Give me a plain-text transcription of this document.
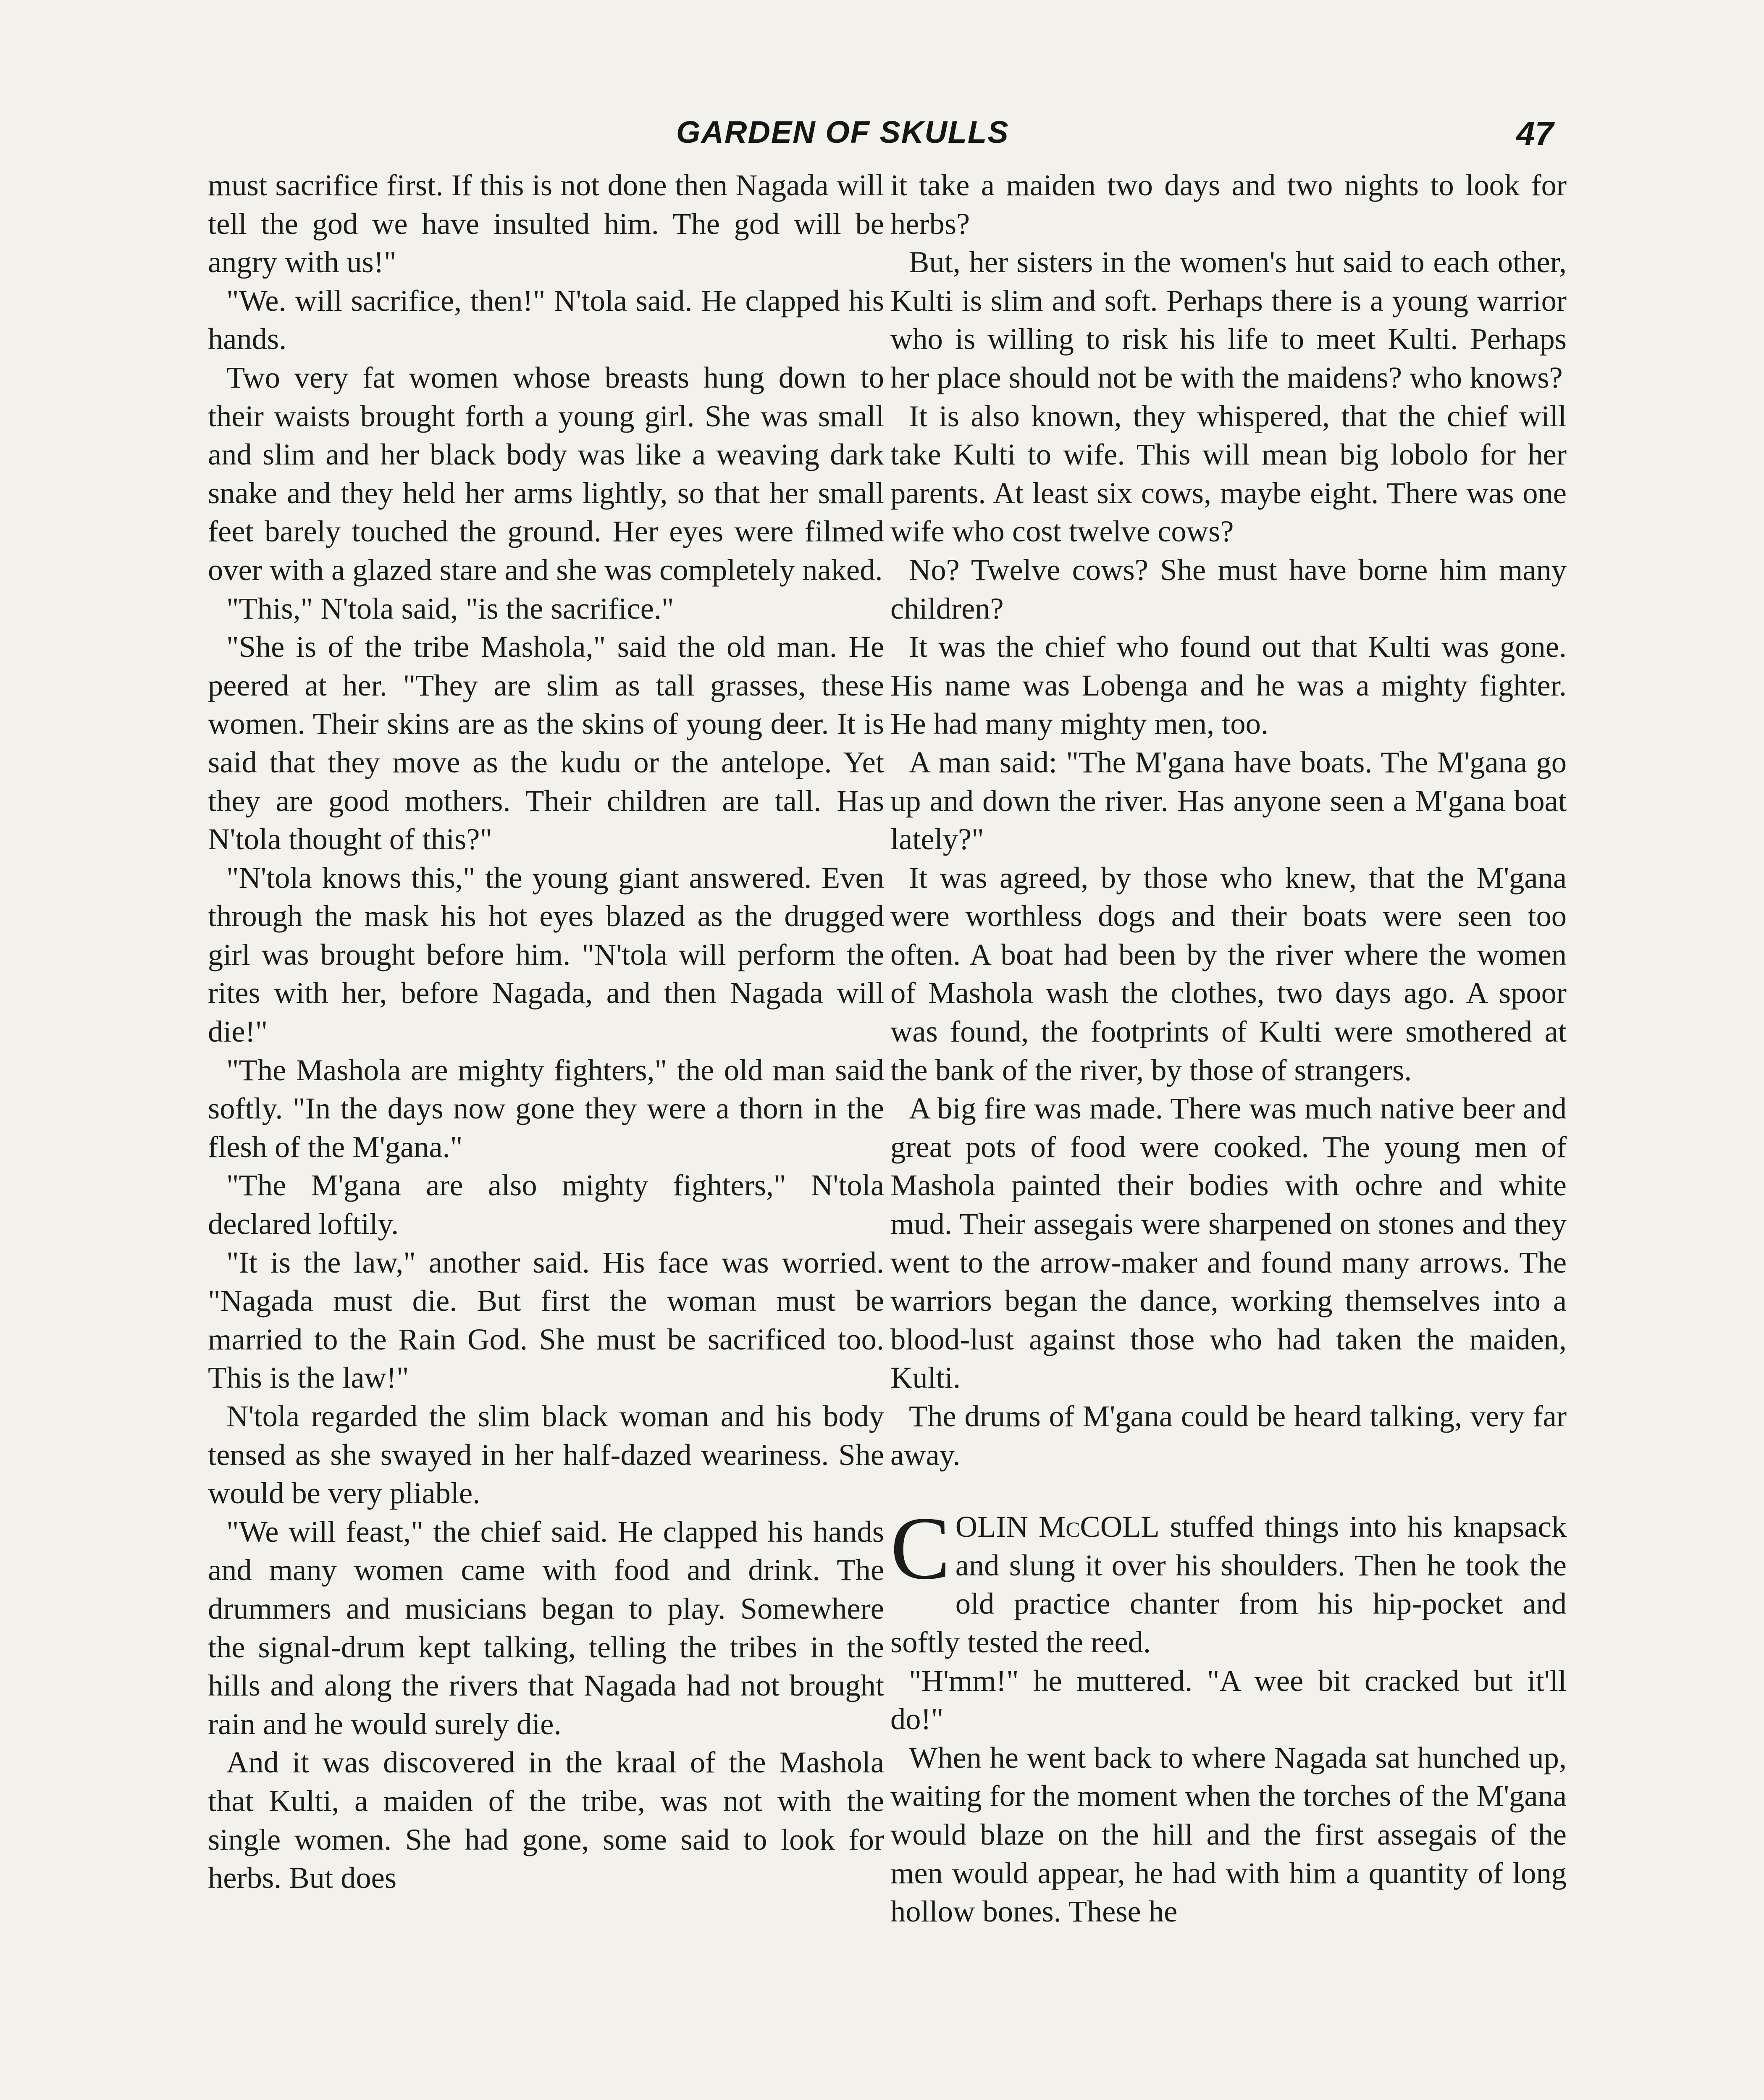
GARDEN OF SKULLS	47

must sacrifice first. If this is not done then Nagada will tell the god we have insulted him. The god will be angry with us!"

"We. will sacrifice, then!" N'tola said. He clapped his hands.

Two very fat women whose breasts hung down to their waists brought forth a young girl. She was small and slim and her black body was like a weaving dark snake and they held her arms lightly, so that her small feet barely touched the ground. Her eyes were filmed over with a glazed stare and she was completely naked.

"This," N'tola said, "is the sacrifice."

"She is of the tribe Mashola," said the old man. He peered at her. "They are slim as tall grasses, these women. Their skins are as the skins of young deer. It is said that they move as the kudu or the antelope. Yet they are good mothers. Their children are tall. Has N'tola thought of this?"

"N'tola knows this," the young giant answered. Even through the mask his hot eyes blazed as the drugged girl was brought before him. "N'tola will perform the rites with her, before Nagada, and then Nagada will die!"

"The Mashola are mighty fighters," the old man said softly. "In the days now gone they were a thorn in the flesh of the M'gana."

"The M'gana are also mighty fighters," N'tola declared loftily.

"It is the law," another said. His face was worried. "Nagada must die. But first the woman must be married to the Rain God. She must be sacrificed too. This is the law!"

N'tola regarded the slim black woman and his body tensed as she swayed in her half-dazed weariness. She would be very pliable.

"We will feast," the chief said. He clapped his hands and many women came with food and drink. The drummers and musicians began to play. Somewhere the signal-drum kept talking, telling the tribes in the hills and along the rivers that Nagada had not brought rain and he would surely die.

And it was discovered in the kraal of the Mashola that Kulti, a maiden of the tribe, was not with the single women. She had gone, some said to look for herbs. But does

it take a maiden two days and two nights to look for herbs?

But, her sisters in the women's hut said to each other, Kulti is slim and soft. Perhaps there is a young warrior who is willing to risk his life to meet Kulti. Perhaps her place should not be with the maidens? who knows?

It is also known, they whispered, that the chief will take Kulti to wife. This will mean big lobolo for her parents. At least six cows, maybe eight. There was one wife who cost twelve cows?

No? Twelve cows? She must have borne him many children?

It was the chief who found out that Kulti was gone. His name was Lobenga and he was a mighty fighter. He had many mighty men, too.

A man said: "The M'gana have boats. The M'gana go up and down the river. Has anyone seen a M'gana boat lately?"

It was agreed, by those who knew, that the M'gana were worthless dogs and their boats were seen too often. A boat had been by the river where the women of Mashola wash the clothes, two days ago. A spoor was found, the footprints of Kulti were smothered at the bank of the river, by those of strangers.

A big fire was made. There was much native beer and great pots of food were cooked. The young men of Mashola painted their bodies with ochre and white mud. Their assegais were sharpened on stones and they went to the arrow-maker and found many arrows. The warriors began the dance, working themselves into a blood-lust against those who had taken the maiden, Kulti.

The drums of M'gana could be heard talking, very far away.

COLIN McCOLL stuffed things into his knapsack and slung it over his shoulders. Then he took the old practice chanter from his hip-pocket and softly tested the reed.

"H'mm!" he muttered. "A wee bit cracked but it'll do!"

When he went back to where Nagada sat hunched up, waiting for the moment when the torches of the M'gana would blaze on the hill and the first assegais of the men would appear, he had with him a quantity of long hollow bones. These he
